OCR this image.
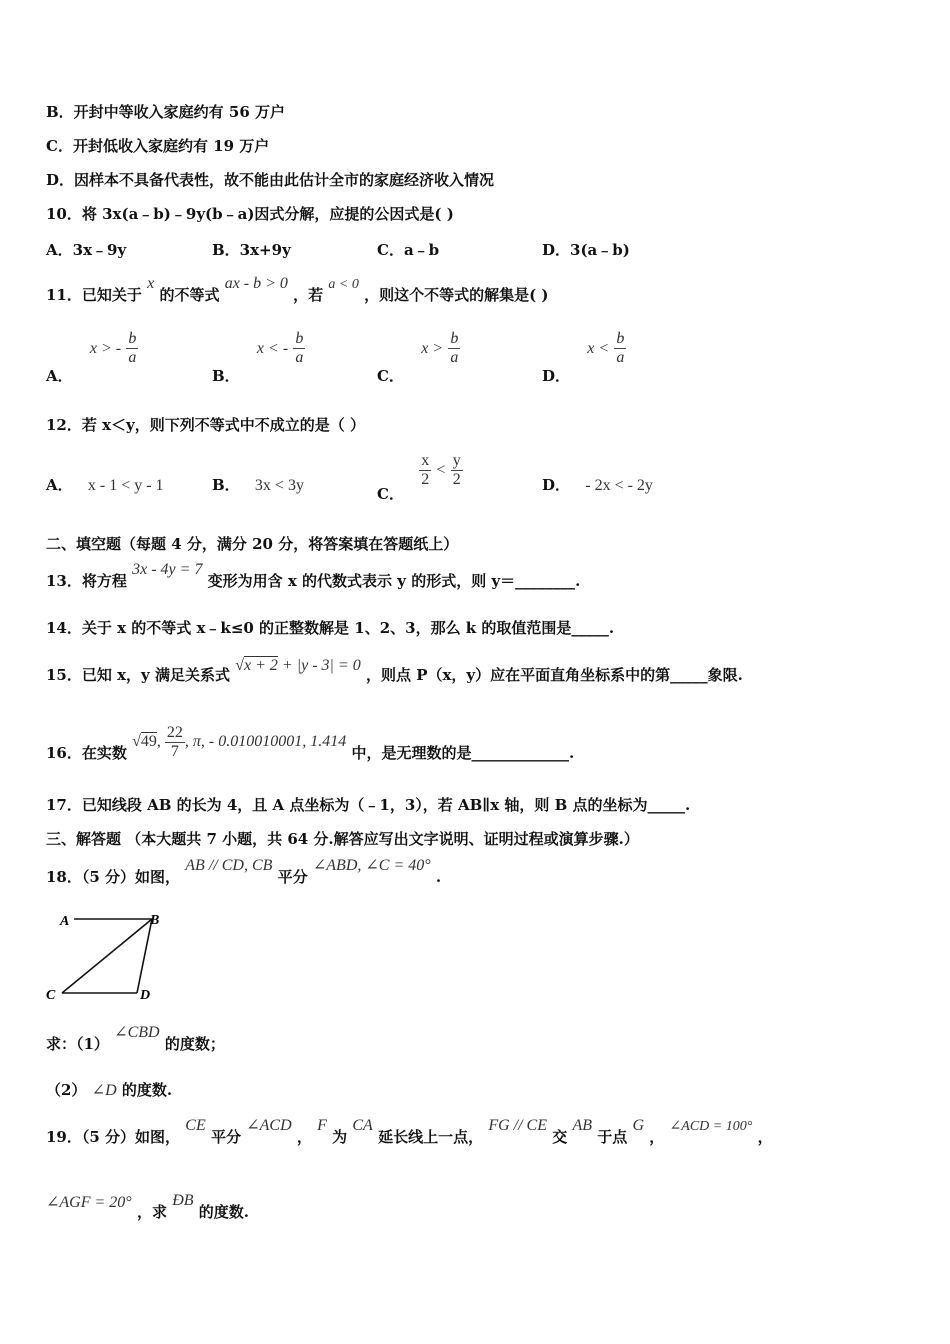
B．开封中等收入家庭约有 56 万户
C．开封低收入家庭约有 19 万户
D．因样本不具备代表性，故不能由此估计全市的家庭经济收入情况
10．将 3x(a﹣b)﹣9y(b﹣a)因式分解，应提的公因式是( )
A．3x﹣9y	B．3x+9y	C．a﹣b	D．3(a﹣b)
11．已知关于 x 的不等式 ax - b > 0 ，若 a < 0 ，则这个不等式的解集是( )
A． x > - $\frac{b}{a}$
B． x < - $\frac{b}{a}$
C． $x > \frac{b}{a}$
D． $x < \frac{b}{a}$
12．若 x＜y，则下列不等式中不成立的是（ ）
A． x - 1 < y - 1	B． 3x < 3y	C．
$\frac{x}{2} < \frac{y}{2}$	D． - 2x < - 2y
二、填空题（每题 4 分，满分 20 分，将答案填在答题纸上）
13．将方程 3x - 4y = 7 变形为用含 x 的代数式表示 y 的形式，则 y＝________.
14．关于 x 的不等式 x﹣k≤0 的正整数解是 1、2、3，那么 k 的取值范围是_____.
15．已知 x，y 满足关系式 √x + 2 + |y - 3| = 0 ，则点 P（x，y）应在平面直角坐标系中的第_____象限.
16．在实数 √49, $\frac{22}{7}$ , π, - 0.010010001, 1.414 中，是无理数的是_____________.
17．已知线段 AB 的长为 4，且 A 点坐标为（﹣1，3），若 AB∥x 轴，则 B 点的坐标为_____.
三、解答题 （本大题共 7 小题，共 64 分.解答应写出文字说明、证明过程或演算步骤.）
18．（5 分）如图， AB // CD, CB 平分 ∠ABD, ∠C = 40° .
A	B
C	D
求：（1） ∠CBD 的度数；
（2） ∠D 的度数.
19．（5 分）如图， CE 平分 ∠ACD ， F 为 CA 延长线上一点， FG // CE 交 AB 于点 G ， ∠ACD = 100° ，
∠AGF = 20° ，求 ÐB 的度数.
